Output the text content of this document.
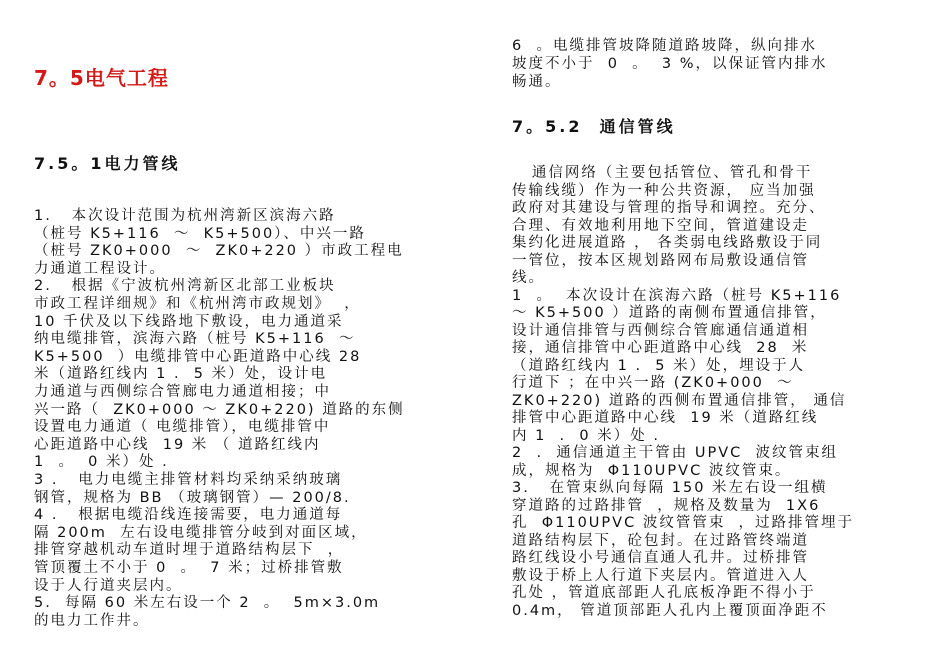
7。5电气工程
7.5。1电力管线
1.   本次设计范围为杭州湾新区滨海六路
（桩号 K5+116  ～  K5+500）、中兴一路
（桩号 ZK0+000  ～  ZK0+220 ）市政工程电
力通道工程设计。
2.   根据《宁波杭州湾新区北部工业板块
市政工程详细规》和《杭州湾市政规划》  ，
10 千伏及以下线路地下敷设，电力通道采
纳电缆排管，滨海六路（桩号 K5+116  ～
K5+500  ）电缆排管中心距道路中心线 28
米（道路红线内 1 .  5 米）处，设计电
力通道与西侧综合管廊电力通道相接；中
兴一路（  ZK0+000 ～ ZK0+220) 道路的东侧
设置电力通道（ 电缆排管），电缆排管中
心距道路中心线  19 米 （ 道路红线内
1  。  0 米）处 .
3 .   电力电缆主排管材料均采纳采纳玻璃
钢管，规格为 BB （玻璃钢管）— 200/8.
4 .   根据电缆沿线连接需要，电力通道每
隔 200m  左右设电缆排管分岐到对面区域，
排管穿越机动车道时埋于道路结构层下  ，
管顶覆土不小于 0  。  7 米；过桥排管敷
设于人行道夹层内。
5.  每隔 60 米左右设一个 2  。  5m×3.0m
的电力工作井。
6  。电缆排管坡降随道路坡降，纵向排水
坡度不小于  0  。  3 %，以保证管内排水
畅通。
7。5.2  通信管线
通信网络（主要包括管位、管孔和骨干
传输线缆）作为一种公共资源， 应当加强
政府对其建设与管理的指导和调控。充分、
合理、有效地利用地下空间，管道建设走
集约化进展道路 ， 各类弱电线路敷设于同
一管位，按本区规划路网布局敷设通信管
线。
1  。  本次设计在滨海六路（桩号 K5+116
～ K5+500 ）道路的南侧布置通信排管，
设计通信排管与西侧综合管廊通信通道相
接，通信排管中心距道路中心线  28  米
（道路红线内 1 .  5 米）处，埋设于人
行道下 ；在中兴一路 (ZK0+000  ～
ZK0+220) 道路的西侧布置通信排管， 通信
排管中心距道路中心线  19 米（道路红线
内 1  .  0 米）处 .
2  .  通信通道主干管由 UPVC  波纹管束组
成，规格为  Φ110UPVC 波纹管束。
3.   在管束纵向每隔 150 米左右设一组横
穿道路的过路排管  ，规格及数量为  1X6
孔  Φ110UPVC 波纹管管束  ，过路排管埋于
道路结构层下，砼包封。在过路管终端道
路红线设小号通信直通人孔井。过桥排管
敷设于桥上人行道下夹层内。管道进入人
孔处 ，管道底部距人孔底板净距不得小于
0.4m， 管道顶部距人孔内上覆顶面净距不
